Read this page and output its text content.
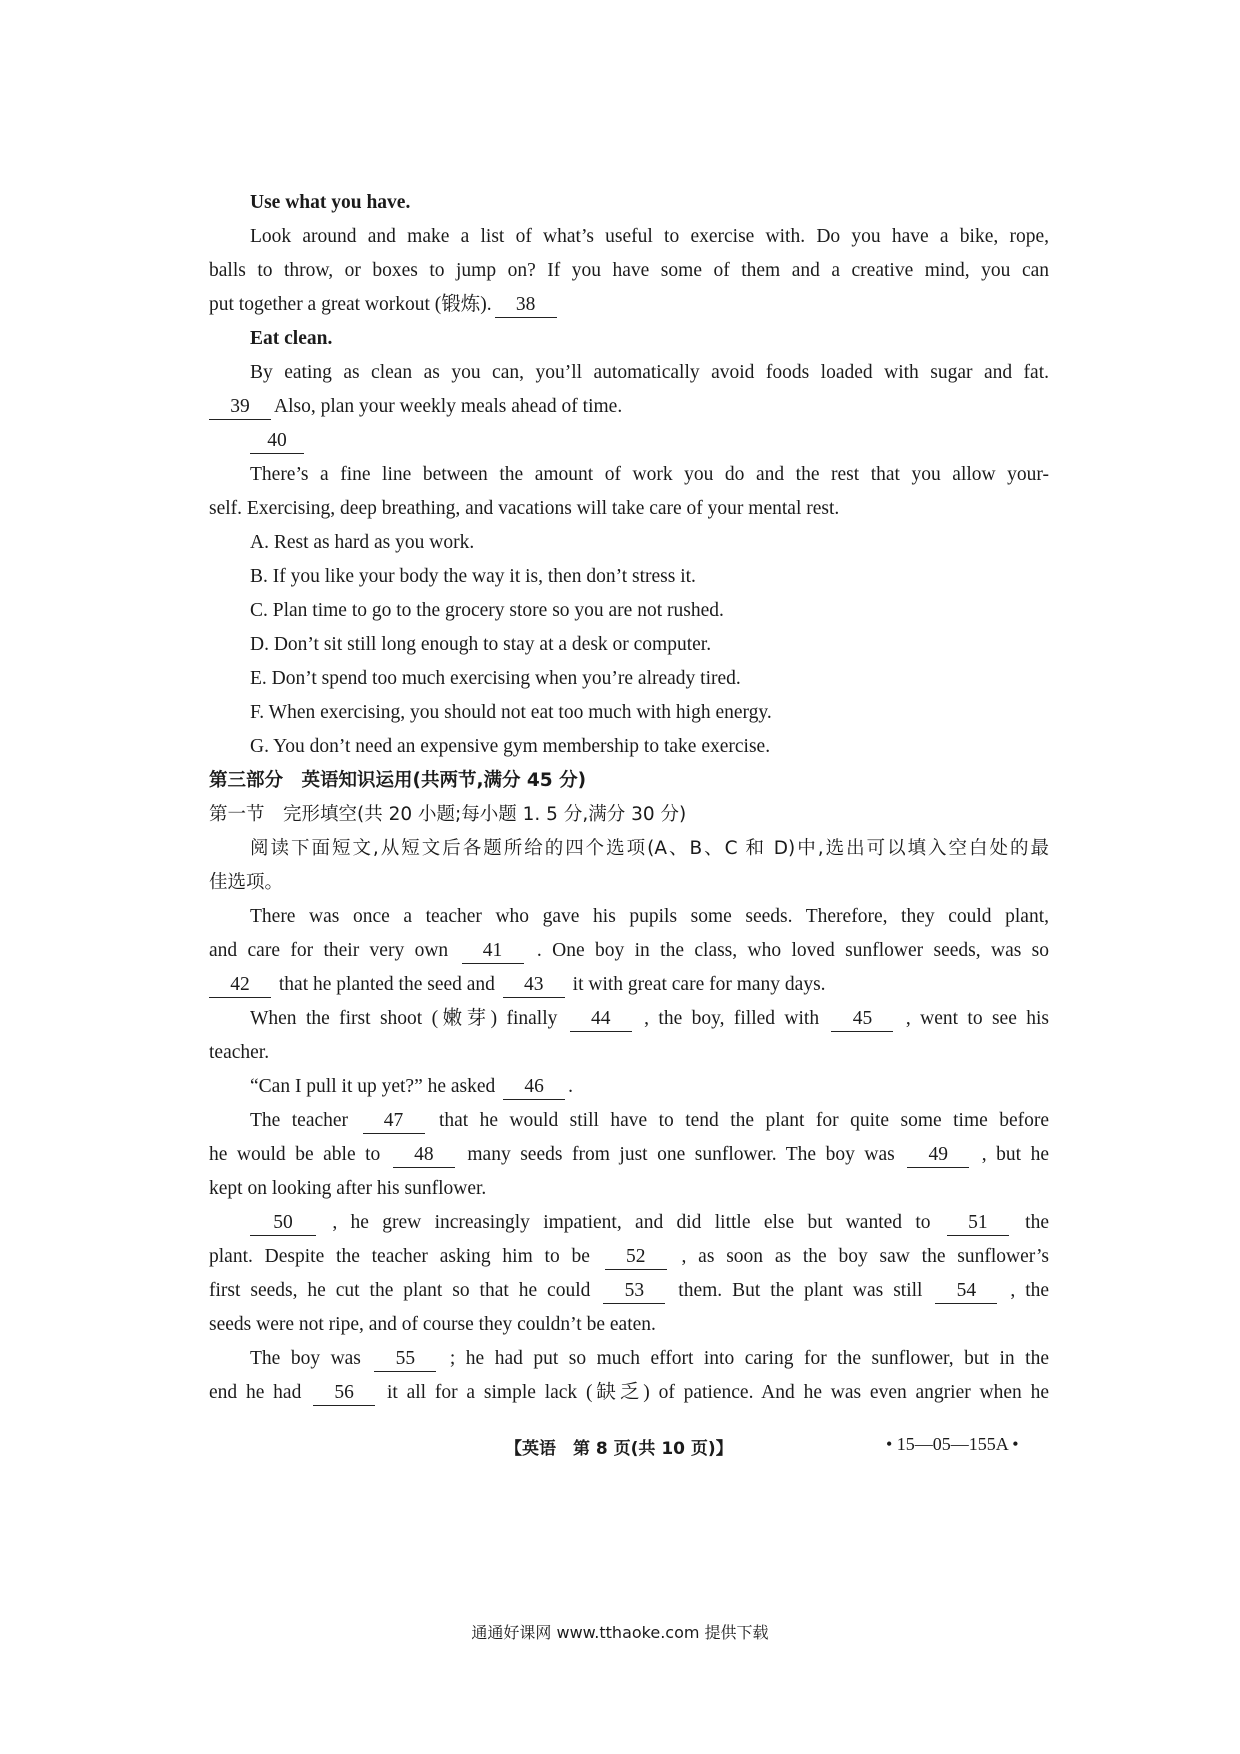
Use what you have.
Look around and make a list of what’s useful to exercise with. Do you have a bike, rope,
balls to throw, or boxes to jump on? If you have some of them and a creative mind, you can
put together a great workout (锻炼). 38
Eat clean.
By eating as clean as you can, you’ll automatically avoid foods loaded with sugar and fat.
39 Also, plan your weekly meals ahead of time.
40
There’s a fine line between the amount of work you do and the rest that you allow your-
self. Exercising, deep breathing, and vacations will take care of your mental rest.
A. Rest as hard as you work.
B. If you like your body the way it is, then don’t stress it.
C. Plan time to go to the grocery store so you are not rushed.
D. Don’t sit still long enough to stay at a desk or computer.
E. Don’t spend too much exercising when you’re already tired.
F. When exercising, you should not eat too much with high energy.
G. You don’t need an expensive gym membership to take exercise.
第三部分　英语知识运用(共两节,满分 45 分)
第一节　完形填空(共 20 小题;每小题 1. 5 分,满分 30 分)
阅读下面短文,从短文后各题所给的四个选项(A、B、C 和 D)中,选出可以填入空白处的最
佳选项。
There was once a teacher who gave his pupils some seeds. Therefore, they could plant,
and care for their very own 41 . One boy in the class, who loved sunflower seeds, was so
42 that he planted the seed and 43 it with great care for many days.
When the first shoot (嫩芽) finally 44 , the boy, filled with 45 , went to see his
teacher.
“Can I pull it up yet?” he asked 46 .
The teacher 47 that he would still have to tend the plant for quite some time before
he would be able to 48 many seeds from just one sunflower. The boy was 49 , but he
kept on looking after his sunflower.
50 , he grew increasingly impatient, and did little else but wanted to 51 the
plant. Despite the teacher asking him to be 52 , as soon as the boy saw the sunflower’s
first seeds, he cut the plant so that he could 53 them. But the plant was still 54 , the
seeds were not ripe, and of course they couldn’t be eaten.
The boy was 55 ; he had put so much effort into caring for the sunflower, but in the
end he had 56 it all for a simple lack (缺乏) of patience. And he was even angrier when he
【英语　第 8 页(共 10 页)】	• 15—05—155A •
通通好课网 www.tthaoke.com 提供下载
